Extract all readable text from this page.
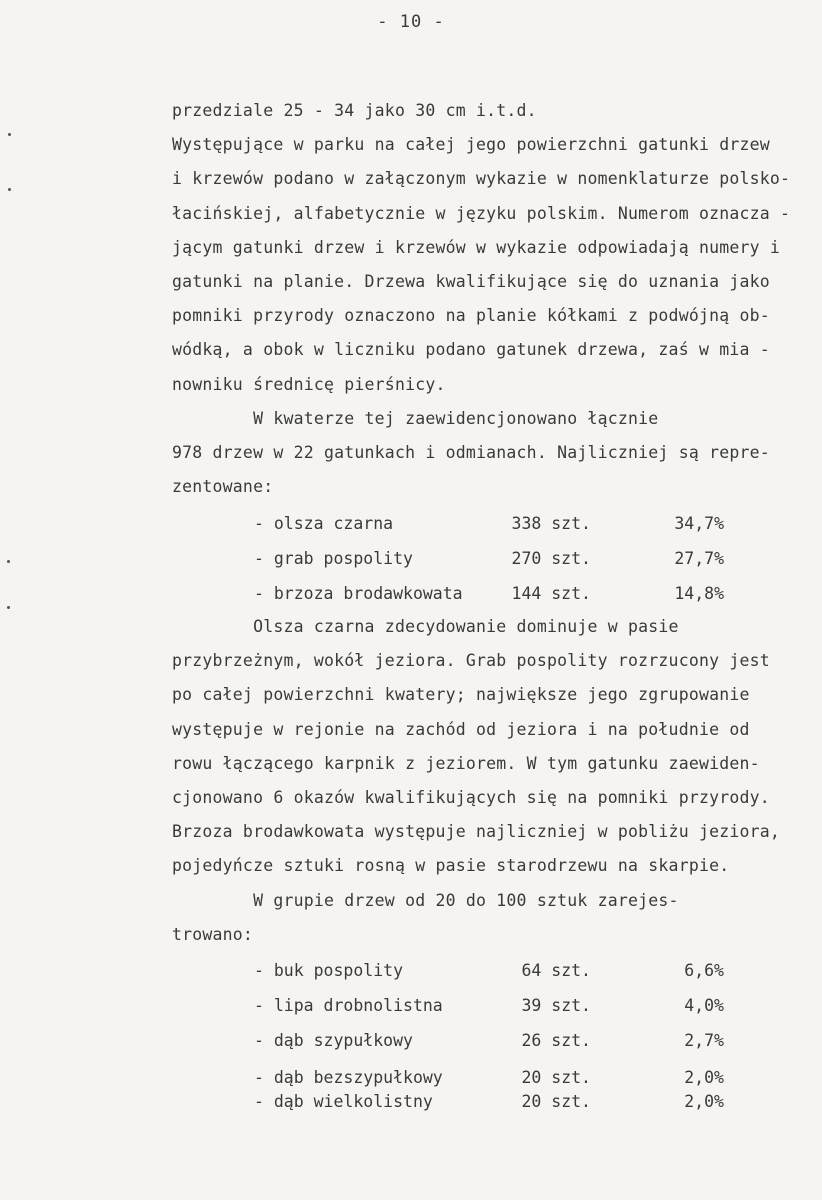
- 10 -
przedziale 25 - 34 jako 30 cm i.t.d.
Występujące w parku na całej jego powierzchni gatunki drzew
i krzewów podano w załączonym wykazie w nomenklaturze polsko-
łacińskiej, alfabetycznie w języku polskim. Numerom oznacza -
jącym gatunki drzew i krzewów w wykazie odpowiadają numery i
gatunki na planie. Drzewa kwalifikujące się do uznania jako
pomniki przyrody oznaczono na planie kółkami z podwójną ob-
wódką, a obok w liczniku podano gatunek drzewa, zaś w mia -
nowniku średnicę pierśnicy.
W kwaterze tej zaewidencjonowano łącznie
978 drzew w 22 gatunkach i odmianach. Najliczniej są repre-
zentowane:
- olsza czarna	338 szt.	34,7%
- grab pospolity	270 szt.	27,7%
- brzoza brodawkowata	144 szt.	14,8%
Olsza czarna zdecydowanie dominuje w pasie
przybrzeżnym, wokół jeziora. Grab pospolity rozrzucony jest
po całej powierzchni kwatery; największe jego zgrupowanie
występuje w rejonie na zachód od jeziora i na południe od
rowu łączącego karpnik z jeziorem. W tym gatunku zaewiden-
cjonowano 6 okazów kwalifikujących się na pomniki przyrody.
Brzoza brodawkowata występuje najliczniej w pobliżu jeziora,
pojedyńcze sztuki rosną w pasie starodrzewu na skarpie.
W grupie drzew od 20 do 100 sztuk zarejes-
trowano:
- buk pospolity	64 szt.	6,6%
- lipa drobnolistna	39 szt.	4,0%
- dąb szypułkowy	26 szt.	2,7%
- dąb bezszypułkowy	20 szt.	2,0%
- dąb wielkolistny	20 szt.	2,0%
